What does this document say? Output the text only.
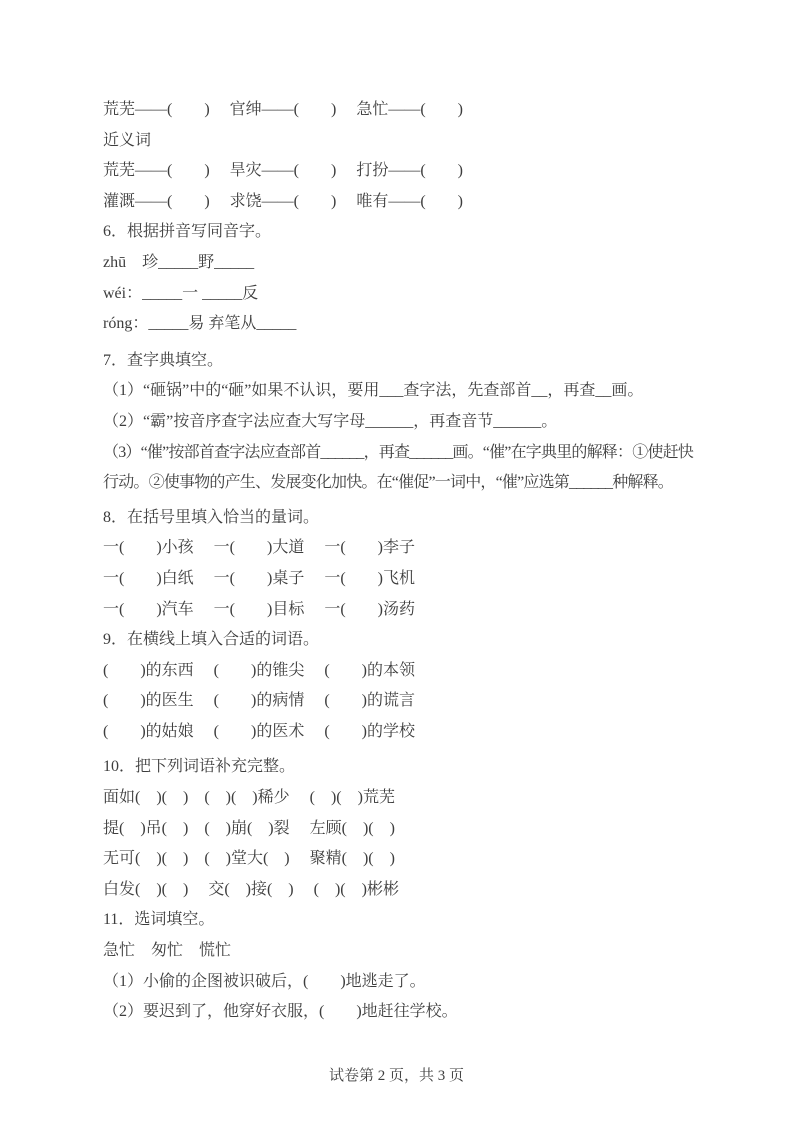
荒芜——(　　)　 官绅——(　　)　 急忙——(　　)

近义词

荒芜——(　　)　 旱灾——(　　)　 打扮——(　　)

灌溉——(　　)　 求饶——(　　)　 唯有——(　　)

6．根据拼音写同音字。

zhū　珍_____野_____

wéi：_____一 _____反

róng：_____易 弃笔从_____

7．查字典填空。

（1）“砸锅”中的“砸”如果不认识，要用___查字法，先查部首__，再查__画。

（2）“霸”按音序查字法应查大写字母______，再查音节______。

（3）“催”按部首查字法应查部首______，再查______画。“催”在字典里的解释：①使赶快

行动。②使事物的产生、发展变化加快。在“催促”一词中，“催”应选第______种解释。

8．在括号里填入恰当的量词。

一(　　)小孩　 一(　　)大道　 一(　　)李子

一(　　)白纸　 一(　　)桌子　 一(　　)飞机

一(　　)汽车　 一(　　)目标　 一(　　)汤药

9．在横线上填入合适的词语。

(　　)的东西　 (　　)的锥尖　 (　　)的本领

(　　)的医生　 (　　)的病情　 (　　)的谎言

(　　)的姑娘　 (　　)的医术　 (　　)的学校

10．把下列词语补充完整。

面如(　)(　)　(　)(　)稀少　 (　)(　)荒芜

提(　)吊(　)　(　)崩(　)裂　 左顾(　)(　)

无可(　)(　)　(　)堂大(　)　 聚精(　)(　)

白发(　)(　)　 交(　)接(　)　 (　)(　)彬彬

11．选词填空。

急忙　匆忙　慌忙

（1）小偷的企图被识破后，(　　)地逃走了。

（2）要迟到了，他穿好衣服，(　　)地赶往学校。

试卷第 2 页，共 3 页
